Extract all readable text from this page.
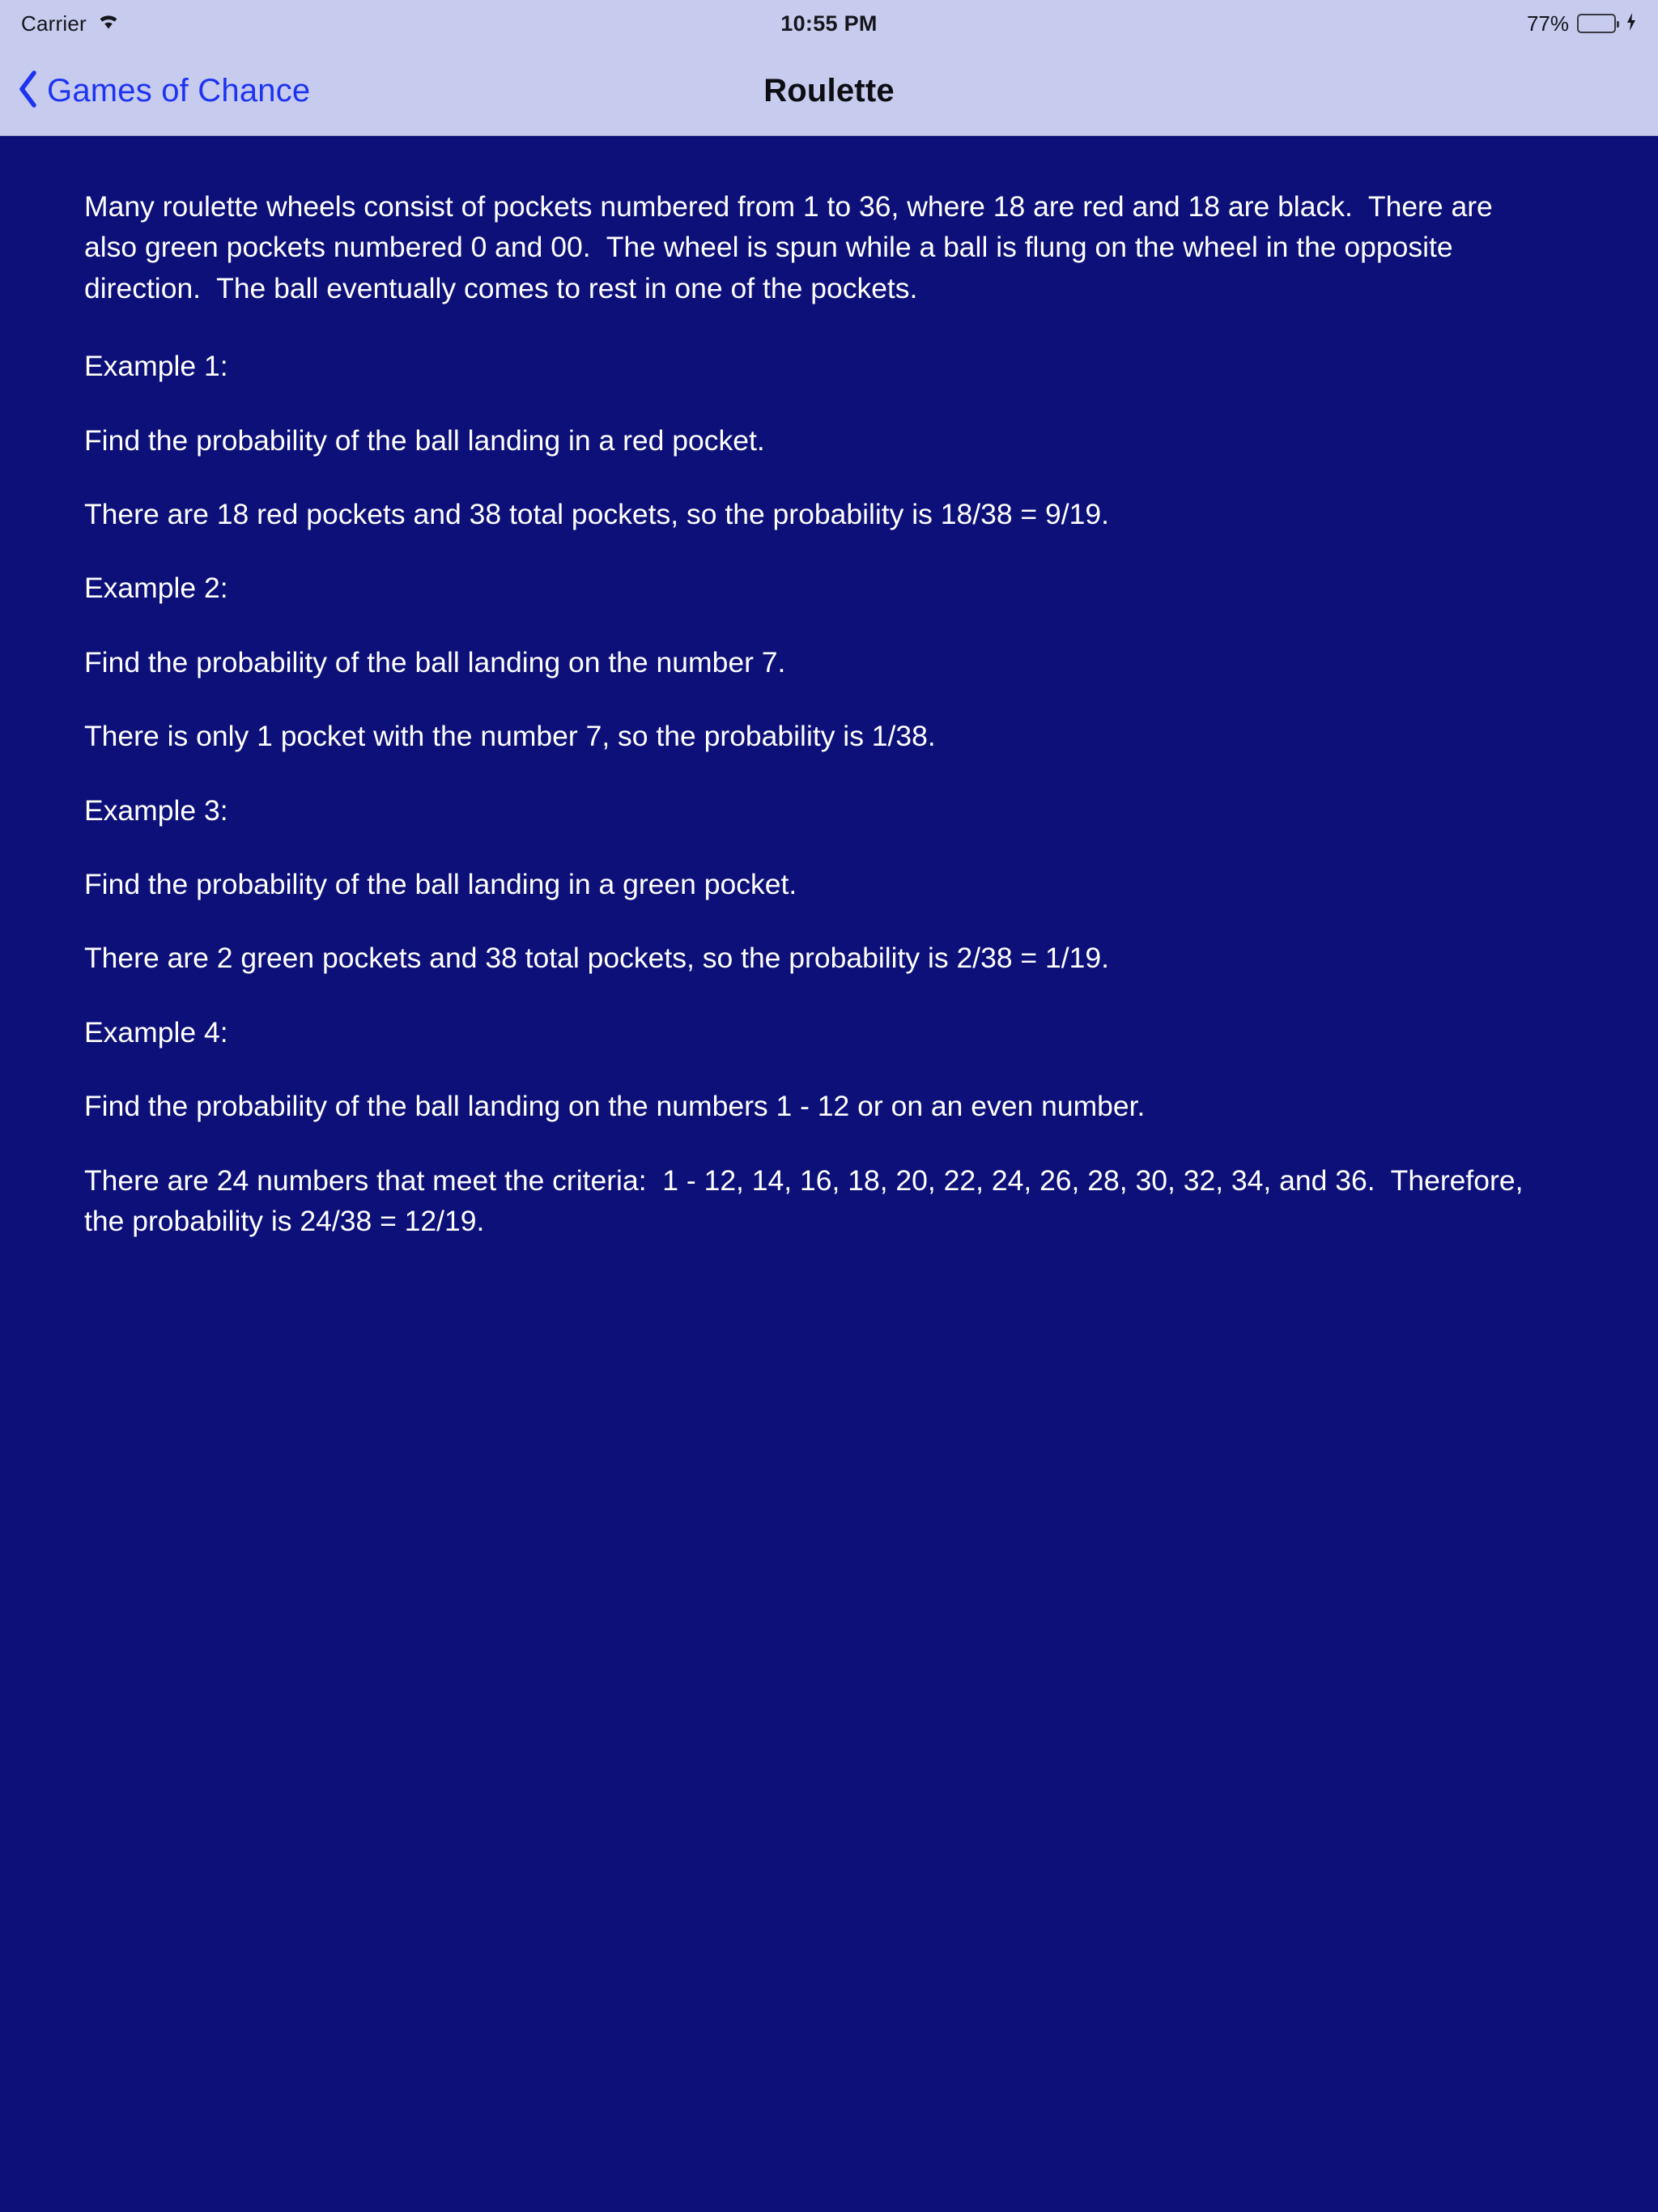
Carrier	10:55 PM	77%
Games of Chance	Roulette

Many roulette wheels consist of pockets numbered from 1 to 36, where 18 are red and 18 are black.  There are also green pockets numbered 0 and 00.  The wheel is spun while a ball is flung on the wheel in the opposite direction.  The ball eventually comes to rest in one of the pockets.

Example 1:

Find the probability of the ball landing in a red pocket.

There are 18 red pockets and 38 total pockets, so the probability is 18/38 = 9/19.

Example 2:

Find the probability of the ball landing on the number 7.

There is only 1 pocket with the number 7, so the probability is 1/38.

Example 3:

Find the probability of the ball landing in a green pocket.

There are 2 green pockets and 38 total pockets, so the probability is 2/38 = 1/19.

Example 4:

Find the probability of the ball landing on the numbers 1 - 12 or on an even number.

There are 24 numbers that meet the criteria:  1 - 12, 14, 16, 18, 20, 22, 24, 26, 28, 30, 32, 34, and 36.  Therefore, the probability is 24/38 = 12/19.
